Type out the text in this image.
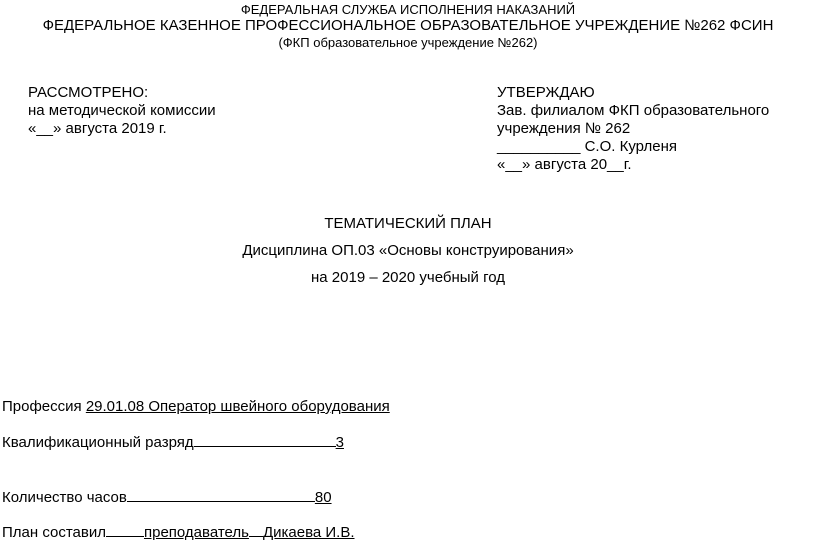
ФЕДЕРАЛЬНАЯ СЛУЖБА ИСПОЛНЕНИЯ НАКАЗАНИЙ
ФЕДЕРАЛЬНОЕ КАЗЕННОЕ ПРОФЕССИОНАЛЬНОЕ ОБРАЗОВАТЕЛЬНОЕ УЧРЕЖДЕНИЕ №262 ФСИН
(ФКП образовательное учреждение №262)
РАССМОТРЕНО:
на методической комиссии
«__» августа 2019 г.
УТВЕРЖДАЮ
Зав. филиалом ФКП образовательного
учреждения № 262
__________ С.О. Курленя
«__» августа 20__г.
ТЕМАТИЧЕСКИЙ ПЛАН
Дисциплина ОП.03 «Основы конструирования»
на 2019 – 2020 учебный год
Профессия 29.01.08 Оператор швейного оборудования
Квалификационный разряд	3
Количество часов	80
План составил	преподаватель Дикаева И.В.
